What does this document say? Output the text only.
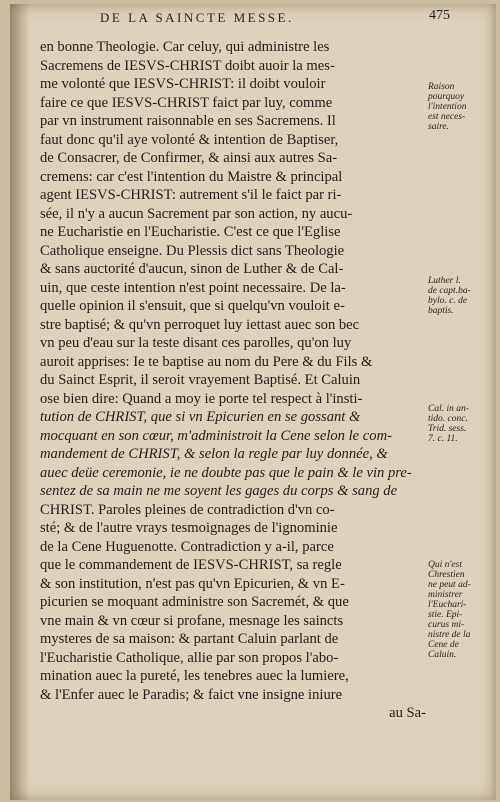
DE LA SAINCTE MESSE.	475
en bonne Theologie. Car celuy, qui administre les
Sacremens de IESVS-CHRIST doibt auoir la mes-
me volonté que IESVS-CHRIST: il doibt vouloir
faire ce que IESVS-CHRIST faict par luy, comme
par vn instrument raisonnable en ses Sacremens. Il
faut donc qu'il aye volonté & intention de Baptiser,
de Consacrer, de Confirmer, & ainsi aux autres Sa-
cremens: car c'est l'intention du Maistre & principal
agent IESVS-CHRIST: autrement s'il le faict par ri-
sée, il n'y a aucun Sacrement par son action, ny aucu-
ne Eucharistie en l'Eucharistie. C'est ce que l'Eglise
Catholique enseigne. Du Plessis dict sans Theologie
& sans auctorité d'aucun, sinon de Luther & de Cal-
uin, que ceste intention n'est point necessaire. De la-
quelle opinion il s'ensuit, que si quelqu'vn vouloit e-
stre baptisé; & qu'vn perroquet luy iettast auec son bec
vn peu d'eau sur la teste disant ces parolles, qu'on luy
auroit apprises: Ie te baptise au nom du Pere & du Fils &
du Sainct Esprit, il seroit vrayement Baptisé. Et Caluin
ose bien dire: Quand a moy ie porte tel respect à l'insti-
tution de CHRIST, que si vn Epicurien en se gossant &
mocquant en son cœur, m'administroit la Cene selon le com-
mandement de CHRIST, & selon la regle par luy donnée, &
auec deüe ceremonie, ie ne doubte pas que le pain & le vin pre-
sentez de sa main ne me soyent les gages du corps & sang de
CHRIST. Paroles pleines de contradiction d'vn co-
sté; & de l'autre vrays tesmoignages de l'ignominie
de la Cene Huguenotte. Contradiction y a-il, parce
que le commandement de IESVS-CHRIST, sa regle
& son institution, n'est pas qu'vn Epicurien, & vn E-
picurien se moquant administre son Sacremét, & que
vne main & vn cœur si profane, mesnage les saincts
mysteres de sa maison: & partant Caluin parlant de
l'Eucharistie Catholique, allie par son propos l'abo-
mination auec la pureté, les tenebres auec la lumiere,
& l'Enfer auec le Paradis; & faict vne insigne iniure
au Sa-
Raison
pourquoy
l'intention
est neces-
saire.
Luther l.
de capt.ba-
bylo. c. de
baptis.
Cal. in an-
tido. conc.
Trid. sess.
7. c. 11.
Qui n'est
Chrestien
ne peut ad-
ministrer
l'Euchari-
stie. Epi-
curus mi-
nistre de la
Cene de
Caluin.
